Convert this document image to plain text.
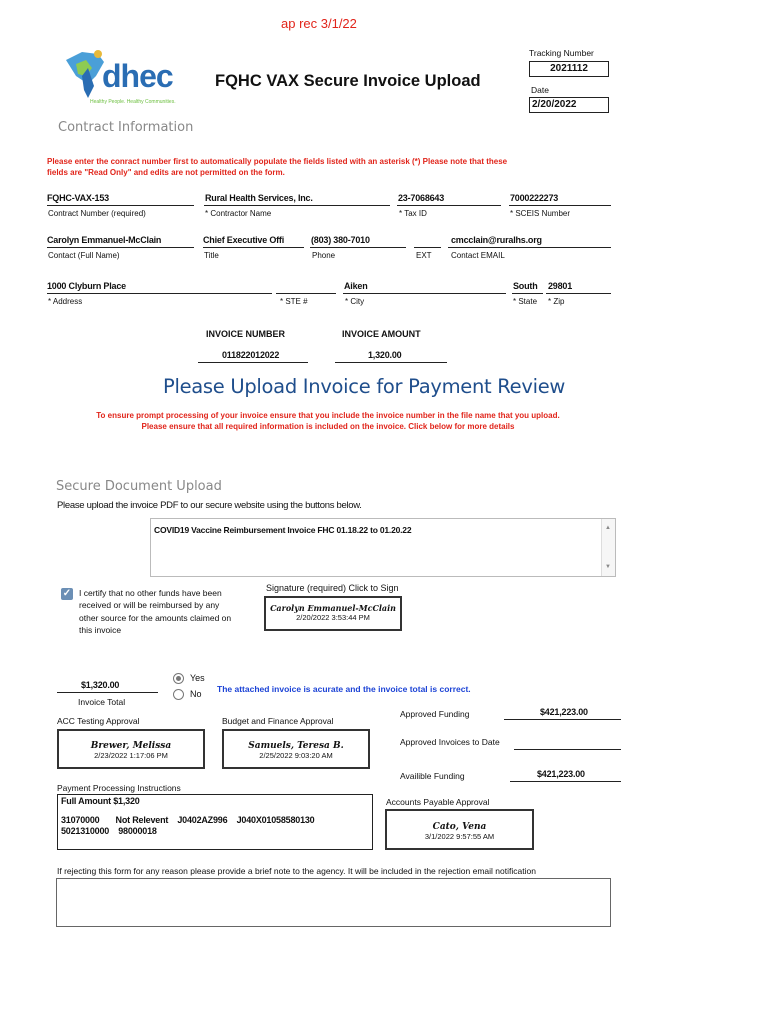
ap rec 3/1/22
dhec
Healthy People. Healthy Communities.
FQHC VAX Secure Invoice Upload
Tracking Number
2021112
Date
2/20/2022
Contract Information
Please enter the conract number first to automatically populate the fields listed with an asterisk (*) Please note that these
fields are "Read Only" and edits are not permitted on the form.
FQHC-VAX-153
Contract Number (required)
Rural Health Services, Inc.
* Contractor Name
23-7068643
* Tax ID
7000222273
* SCEIS Number
Carolyn Emmanuel-McClain
Contact (Full Name)
Chief Executive Offi
Title
(803) 380-7010
Phone	EXT
cmcclain@ruralhs.org
Contact EMAIL
1000 Clyburn Place
* Address	* STE #
Aiken
* City
South
* State
29801
* Zip
INVOICE NUMBER
011822012022
INVOICE AMOUNT
1,320.00
Please Upload Invoice for Payment Review
To ensure prompt processing of your invoice ensure that you include the invoice number in the file name that you upload.
Please ensure that all required information is included on the invoice. Click below for more details
Secure Document Upload
Please upload the invoice PDF to our secure website using the buttons below.
COVID19 Vaccine Reimbursement Invoice FHC 01.18.22 to 01.20.22	▲
▼
✓ I certify that no other funds have been
received or will be reimbursed by any
other source for the amounts claimed on
this invoice
Signature (required) Click to Sign
Carolyn Emmanuel-McClain
2/20/2022 3:53:44 PM
$1,320.00
Invoice Total
Yes
No The attached invoice is acurate and the invoice total is correct.
ACC Testing Approval
Brewer, Melissa
2/23/2022 1:17:06 PM
Budget and Finance Approval
Samuels, Teresa B.
2/25/2022 9:03:20 AM
Approved Funding	$421,223.00
Approved Invoices to Date
Availible Funding	$421,223.00
Payment Processing Instructions
Full Amount $1,320
31070000       Not Relevent    J0402AZ996    J040X01058580130
5021310000    98000018
Accounts Payable Approval
Cato, Vena
3/1/2022 9:57:55 AM
If rejecting this form for any reason please provide a brief note to the agency. It will be included in the rejection email notification
